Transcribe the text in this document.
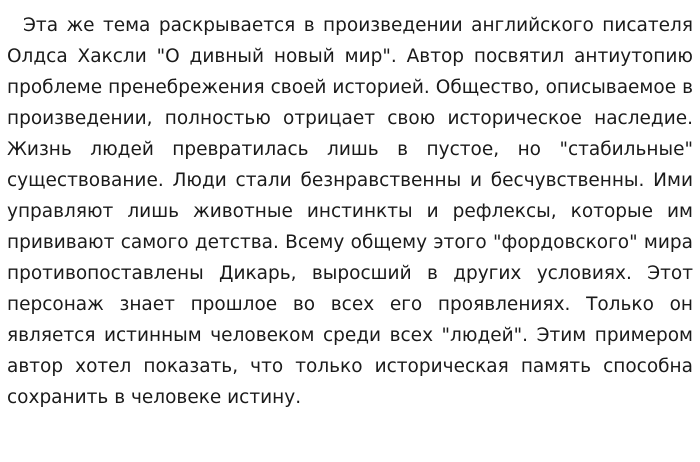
Эта же тема раскрывается в произведении английского писателя
Олдса Хаксли "О дивный новый мир". Автор посвятил антиутопию
проблеме пренебрежения своей историей. Общество, описываемое в
произведении, полностью отрицает свою историческое наследие.
Жизнь людей превратилась лишь в пустое, но "стабильные"
существование. Люди стали безнравственны и бесчувственны. Ими
управляют лишь животные инстинкты и рефлексы, которые им
прививают самого детства. Всему общему этого "фордовского" мира
противопоставлены Дикарь, выросший в других условиях. Этот
персонаж знает прошлое во всех его проявлениях. Только он
является истинным человеком среди всех "людей". Этим примером
автор хотел показать, что только историческая память способна
сохранить в человеке истину.
